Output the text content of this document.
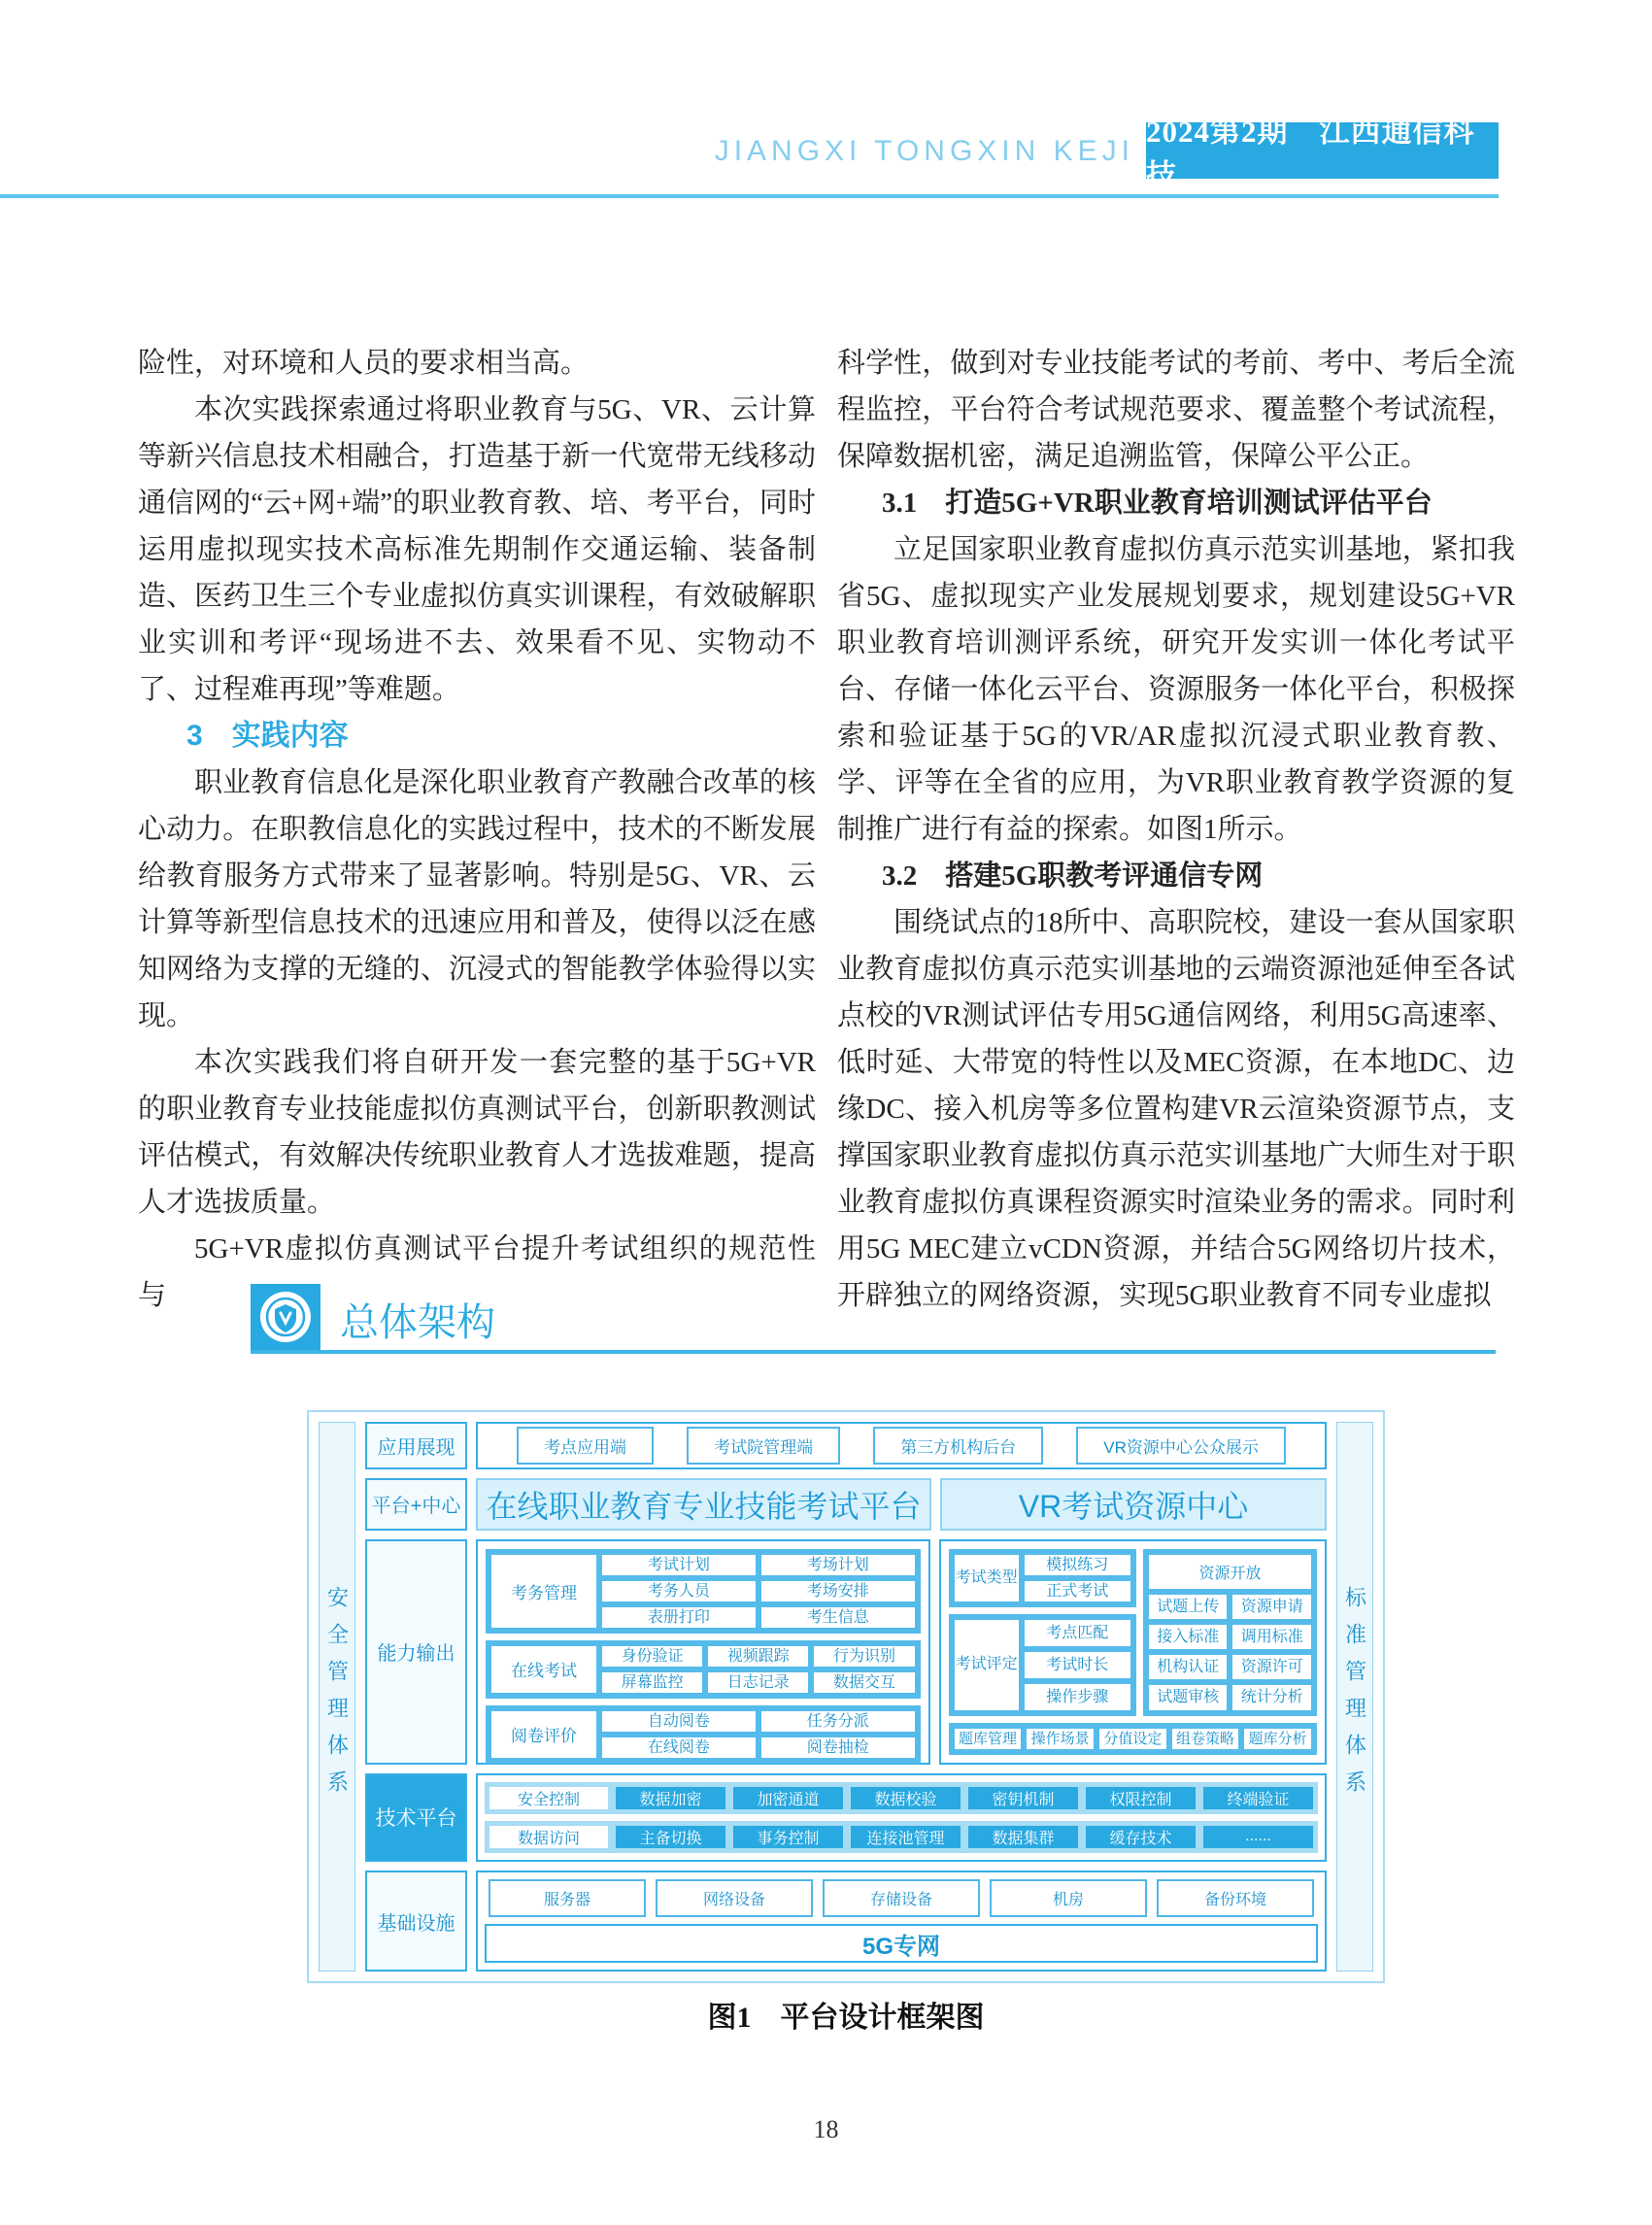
JIANGXI TONGXIN KEJI
2024第2期　江西通信科技

险性，对环境和人员的要求相当高。

本次实践探索通过将职业教育与5G、VR、云计算等新兴信息技术相融合，打造基于新一代宽带无线移动通信网的“云+网+端”的职业教育教、培、考平台，同时运用虚拟现实技术高标准先期制作交通运输、装备制造、医药卫生三个专业虚拟仿真实训课程，有效破解职业实训和考评“现场进不去、效果看不见、实物动不了、过程难再现”等难题。

3　实践内容

职业教育信息化是深化职业教育产教融合改革的核心动力。在职教信息化的实践过程中，技术的不断发展给教育服务方式带来了显著影响。特别是5G、VR、云计算等新型信息技术的迅速应用和普及，使得以泛在感知网络为支撑的无缝的、沉浸式的智能教学体验得以实现。

本次实践我们将自研开发一套完整的基于5G+VR的职业教育专业技能虚拟仿真测试平台，创新职教测试评估模式，有效解决传统职业教育人才选拔难题，提高人才选拔质量。

5G+VR虚拟仿真测试平台提升考试组织的规范性与

科学性，做到对专业技能考试的考前、考中、考后全流程监控，平台符合考试规范要求、覆盖整个考试流程，保障数据机密，满足追溯监管，保障公平公正。

3.1　打造5G+VR职业教育培训测试评估平台

立足国家职业教育虚拟仿真示范实训基地，紧扣我省5G、虚拟现实产业发展规划要求，规划建设5G+VR职业教育培训测评系统，研究开发实训一体化考试平台、存储一体化云平台、资源服务一体化平台，积极探索和验证基于5G的VR/AR虚拟沉浸式职业教育教、学、评等在全省的应用，为VR职业教育教学资源的复制推广进行有益的探索。如图1所示。

3.2　搭建5G职教考评通信专网

围绕试点的18所中、高职院校，建设一套从国家职业教育虚拟仿真示范实训基地的云端资源池延伸至各试点校的VR测试评估专用5G通信网络，利用5G高速率、低时延、大带宽的特性以及MEC资源，在本地DC、边缘DC、接入机房等多位置构建VR云渲染资源节点，支撑国家职业教育虚拟仿真示范实训基地广大师生对于职业教育虚拟仿真课程资源实时渲染业务的需求。同时利用5G MEC建立vCDN资源，并结合5G网络切片技术，开辟独立的网络资源，实现5G职业教育不同专业虚拟

总体架构
安全管理体系
应用展现	考点应用端	考试院管理端	第三方机构后台	VR资源中心公众展示
平台+中心 在线职业教育专业技能考试平台	VR考试资源中心
能力输出
考务管理
考试计划	考场计划
考务人员	考场安排
表册打印	考生信息
在线考试
身份验证	视频跟踪	行为识别
屏幕监控	日志记录	数据交互
阅卷评价
自动阅卷	任务分派
在线阅卷	阅卷抽检
考试类型
模拟练习
正式考试
资源开放
试题上传	资源申请
接入标准	调用标准
机构认证	资源许可
试题审核	统计分析
考试评定
考点匹配
考试时长
操作步骤
题库管理 操作场景 分值设定 组卷策略 题库分析
技术平台
安全控制	数据加密	加密通道	数据校验	密钥机制	权限控制	终端验证
数据访问	主备切换	事务控制	连接池管理	数据集群	缓存技术	......
基础设施
服务器	网络设备	存储设备	机房	备份环境
5G专网
标准管理体系
图1　平台设计框架图
18
